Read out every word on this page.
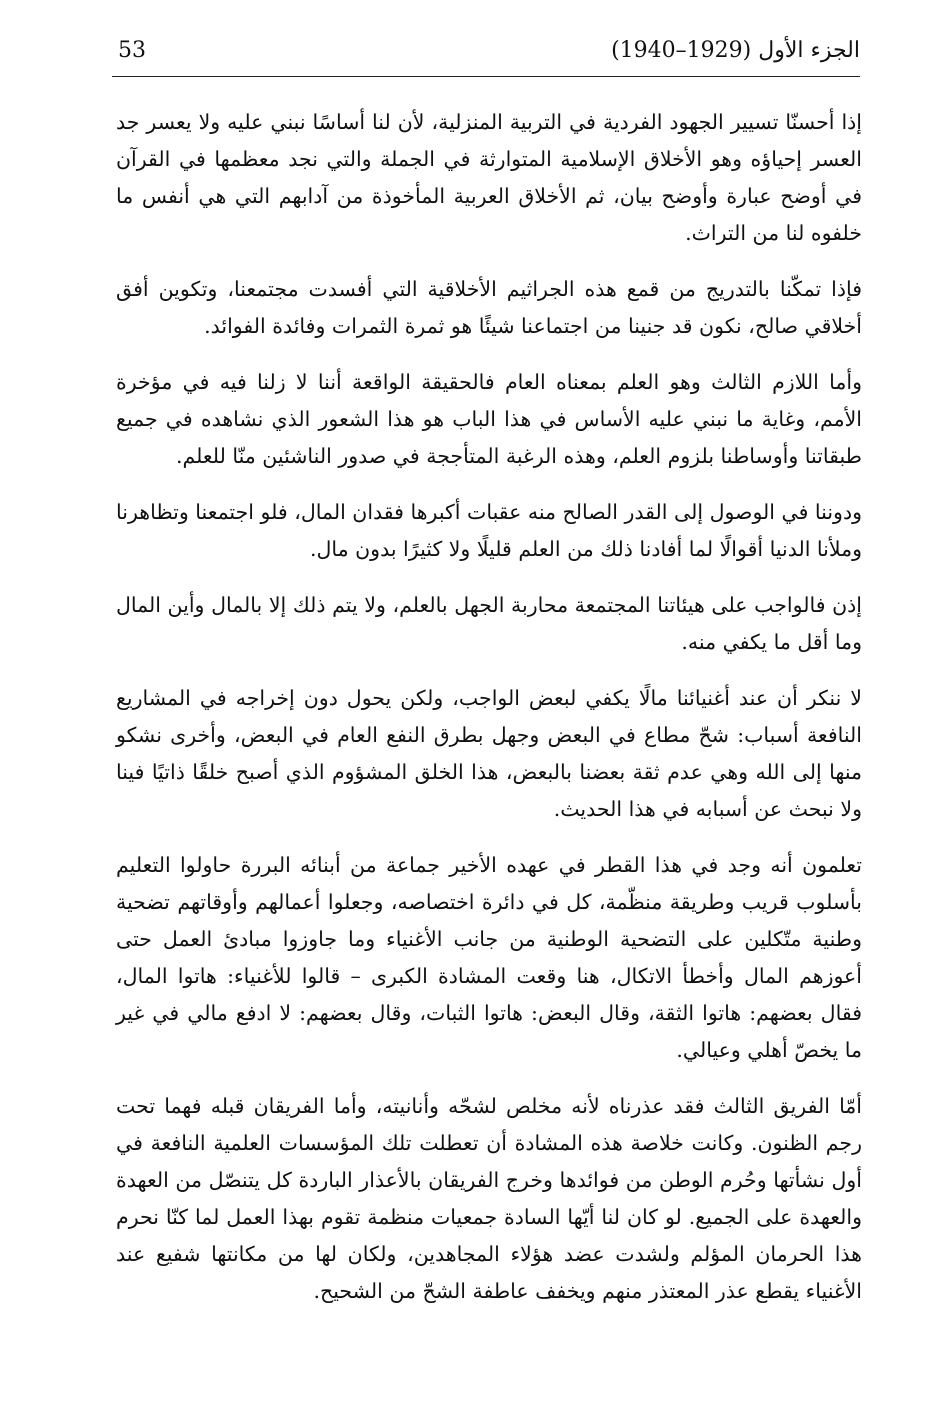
53	الجزء الأول (1929–1940)

إذا أحسنّا تسيير الجهود الفردية في التربية المنزلية، لأن لنا أساسًا نبني عليه ولا يعسر جد العسر إحياؤه وهو الأخلاق الإسلامية المتوارثة في الجملة والتي نجد معظمها في القرآن في أوضح عبارة وأوضح بيان، ثم الأخلاق العربية المأخوذة من آدابهم التي هي أنفس ما خلفوه لنا من التراث.

فإذا تمكّنا بالتدريج من قمع هذه الجراثيم الأخلاقية التي أفسدت مجتمعنا، وتكوين أفق أخلاقي صالح، نكون قد جنينا من اجتماعنا شيئًا هو ثمرة الثمرات وفائدة الفوائد.

وأما اللازم الثالث وهو العلم بمعناه العام فالحقيقة الواقعة أننا لا زلنا فيه في مؤخرة الأمم، وغاية ما نبني عليه الأساس في هذا الباب هو هذا الشعور الذي نشاهده في جميع طبقاتنا وأوساطنا بلزوم العلم، وهذه الرغبة المتأججة في صدور الناشئين منّا للعلم.

ودوننا في الوصول إلى القدر الصالح منه عقبات أكبرها فقدان المال، فلو اجتمعنا وتظاهرنا وملأنا الدنيا أقوالًا لما أفادنا ذلك من العلم قليلًا ولا كثيرًا بدون مال.

إذن فالواجب على هيئاتنا المجتمعة محاربة الجهل بالعلم، ولا يتم ذلك إلا بالمال وأين المال وما أقل ما يكفي منه.

لا ننكر أن عند أغنيائنا مالًا يكفي لبعض الواجب، ولكن يحول دون إخراجه في المشاريع النافعة أسباب: شحّ مطاع في البعض وجهل بطرق النفع العام في البعض، وأخرى نشكو منها إلى الله وهي عدم ثقة بعضنا بالبعض، هذا الخلق المشؤوم الذي أصبح خلقًا ذاتيًا فينا ولا نبحث عن أسبابه في هذا الحديث.

تعلمون أنه وجد في هذا القطر في عهده الأخير جماعة من أبنائه البررة حاولوا التعليم بأسلوب قريب وطريقة منظّمة، كل في دائرة اختصاصه، وجعلوا أعمالهم وأوقاتهم تضحية وطنية متّكلين على التضحية الوطنية من جانب الأغنياء وما جاوزوا مبادئ العمل حتى أعوزهم المال وأخطأ الاتكال، هنا وقعت المشادة الكبرى – قالوا للأغنياء: هاتوا المال، فقال بعضهم: هاتوا الثقة، وقال البعض: هاتوا الثبات، وقال بعضهم: لا ادفع مالي في غير ما يخصّ أهلي وعيالي.

أمّا الفريق الثالث فقد عذرناه لأنه مخلص لشحّه وأنانيته، وأما الفريقان قبله فهما تحت رجم الظنون. وكانت خلاصة هذه المشادة أن تعطلت تلك المؤسسات العلمية النافعة في أول نشأتها وحُرم الوطن من فوائدها وخرج الفريقان بالأعذار الباردة كل يتنصّل من العهدة والعهدة على الجميع. لو كان لنا أيّها السادة جمعيات منظمة تقوم بهذا العمل لما كنّا نحرم هذا الحرمان المؤلم ولشدت عضد هؤلاء المجاهدين، ولكان لها من مكانتها شفيع عند الأغنياء يقطع عذر المعتذر منهم ويخفف عاطفة الشحّ من الشحيح.
